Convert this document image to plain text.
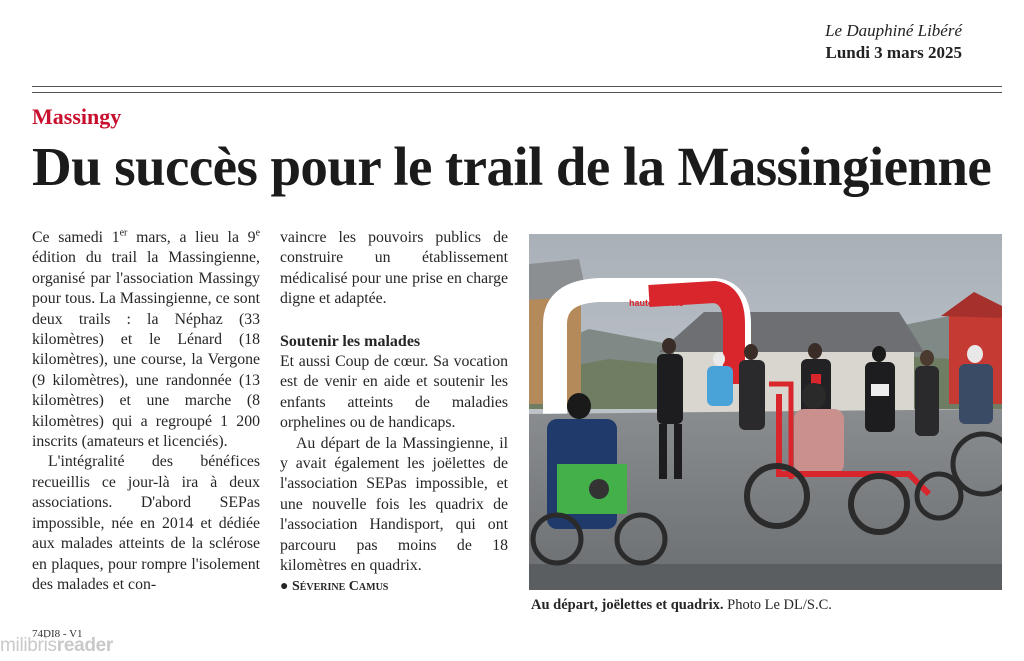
Le Dauphiné Libéré
Lundi 3 mars 2025
Massingy
Du succès pour le trail de la Massingienne

Ce samedi 1er mars, a lieu la 9e édition du trail la Massingienne, organisé par l'association Massingy pour tous. La Massingienne, ce sont deux trails : la Néphaz (33 kilomètres) et le Lénard (18 kilomètres), une course, la Vergone (9 kilomètres), une randonnée (13 kilomètres) et une marche (8 kilomètres) qui a regroupé 1 200 inscrits (amateurs et licenciés).

L'intégralité des bénéfices recueillis ce jour-là ira à deux associations. D'abord SEPas impossible, née en 2014 et dédiée aux malades atteints de la sclérose en plaques, pour rompre l'isolement des malades et con-

vaincre les pouvoirs publics de construire un établissement médicalisé pour une prise en charge digne et adaptée.

Soutenir les malades

Et aussi Coup de cœur. Sa vocation est de venir en aide et soutenir les enfants atteints de maladies orphelines ou de handicaps.

Au départ de la Massingienne, il y avait également les joëlettes de l'association SEPas impossible, et une nouvelle fois les quadrix de l'association Handisport, qui ont parcouru pas moins de 18 kilomètres en quadrix.

● Séverine Camus

haute savoie
Au départ, joëlettes et quadrix. Photo Le DL/S.C.
74DI8 - V1
milibrisreader
